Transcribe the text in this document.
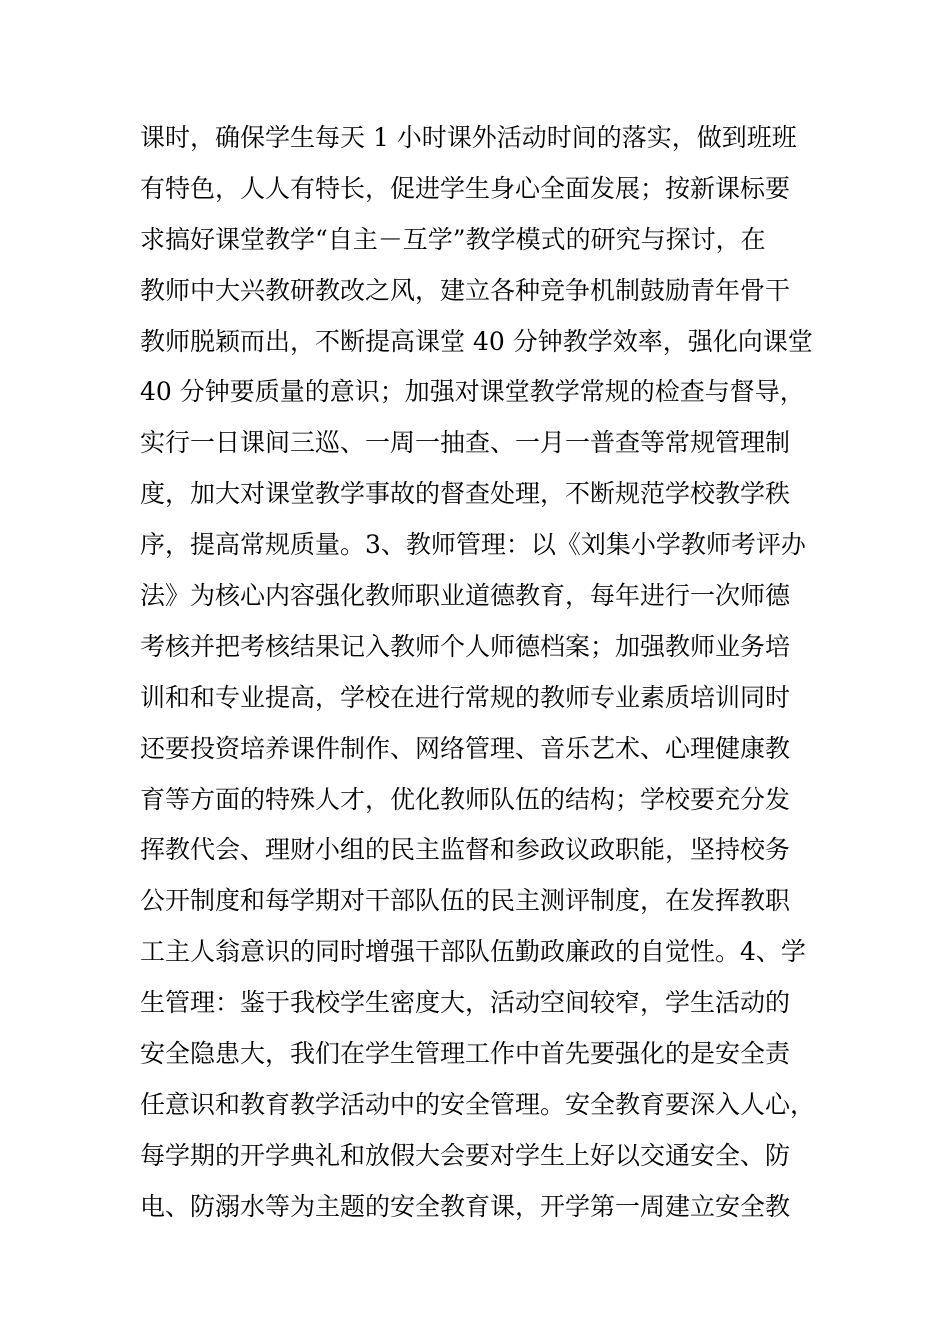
课时，确保学生每天 1 小时课外活动时间的落实，做到班班
有特色，人人有特长，促进学生身心全面发展；按新课标要
求搞好课堂教学“自主－互学”教学模式的研究与探讨，在
教师中大兴教研教改之风，建立各种竞争机制鼓励青年骨干
教师脱颖而出，不断提高课堂 40 分钟教学效率，强化向课堂
40 分钟要质量的意识；加强对课堂教学常规的检查与督导，
实行一日课间三巡、一周一抽查、一月一普查等常规管理制
度，加大对课堂教学事故的督查处理，不断规范学校教学秩
序，提高常规质量。3、教师管理：以《刘集小学教师考评办
法》为核心内容强化教师职业道德教育，每年进行一次师德
考核并把考核结果记入教师个人师德档案；加强教师业务培
训和和专业提高，学校在进行常规的教师专业素质培训同时
还要投资培养课件制作、网络管理、音乐艺术、心理健康教
育等方面的特殊人才，优化教师队伍的结构；学校要充分发
挥教代会、理财小组的民主监督和参政议政职能，坚持校务
公开制度和每学期对干部队伍的民主测评制度，在发挥教职
工主人翁意识的同时增强干部队伍勤政廉政的自觉性。4、学
生管理：鉴于我校学生密度大，活动空间较窄，学生活动的
安全隐患大，我们在学生管理工作中首先要强化的是安全责
任意识和教育教学活动中的安全管理。安全教育要深入人心，
每学期的开学典礼和放假大会要对学生上好以交通安全、防
电、防溺水等为主题的安全教育课，开学第一周建立安全教
